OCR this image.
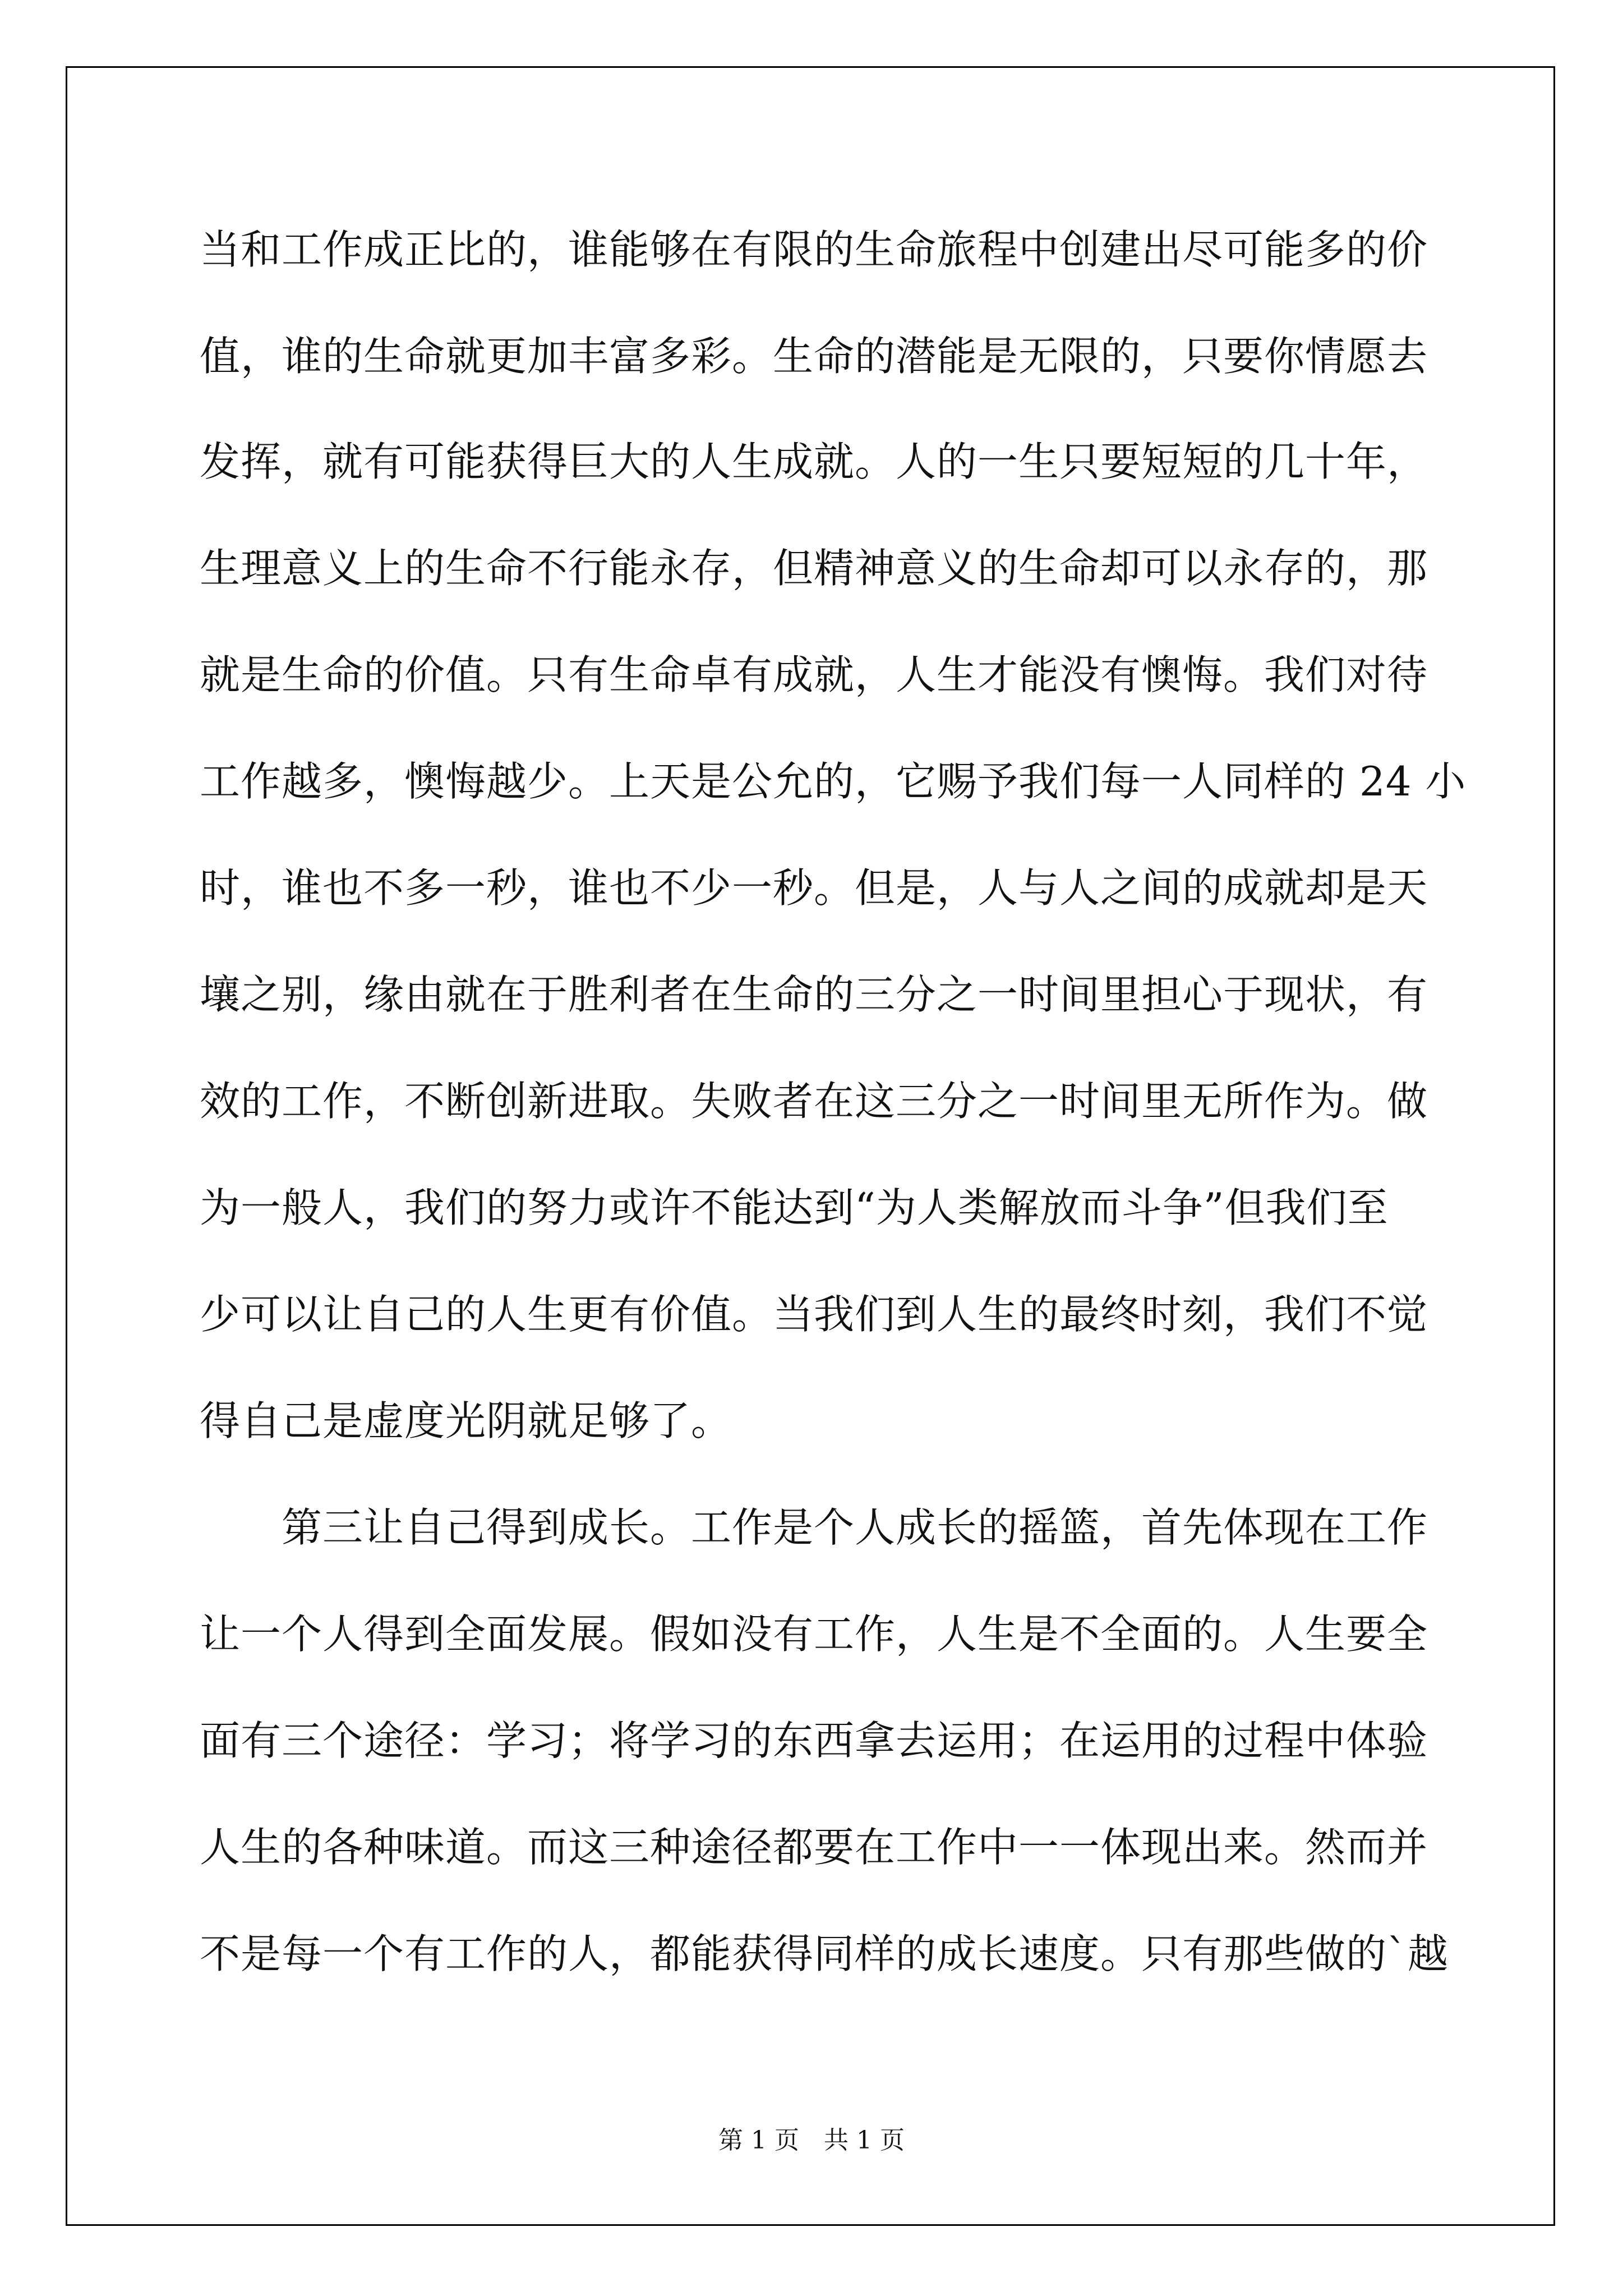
当和工作成正比的，谁能够在有限的生命旅程中创建出尽可能多的价
值，谁的生命就更加丰富多彩。生命的潜能是无限的，只要你情愿去
发挥，就有可能获得巨大的人生成就。人的一生只要短短的几十年，
生理意义上的生命不行能永存，但精神意义的生命却可以永存的，那
就是生命的价值。只有生命卓有成就，人生才能没有懊悔。我们对待
工作越多，懊悔越少。上天是公允的，它赐予我们每一人同样的 24 小
时，谁也不多一秒，谁也不少一秒。但是，人与人之间的成就却是天
壤之别，缘由就在于胜利者在生命的三分之一时间里担心于现状，有
效的工作，不断创新进取。失败者在这三分之一时间里无所作为。做
为一般人，我们的努力或许不能达到“为人类解放而斗争”但我们至
少可以让自己的人生更有价值。当我们到人生的最终时刻，我们不觉
得自己是虚度光阴就足够了。
第三让自己得到成长。工作是个人成长的摇篮，首先体现在工作
让一个人得到全面发展。假如没有工作，人生是不全面的。人生要全
面有三个途径：学习；将学习的东西拿去运用；在运用的过程中体验
人生的各种味道。而这三种途径都要在工作中一一体现出来。然而并
不是每一个有工作的人，都能获得同样的成长速度。只有那些做的`越
第 1 页　共 1 页
